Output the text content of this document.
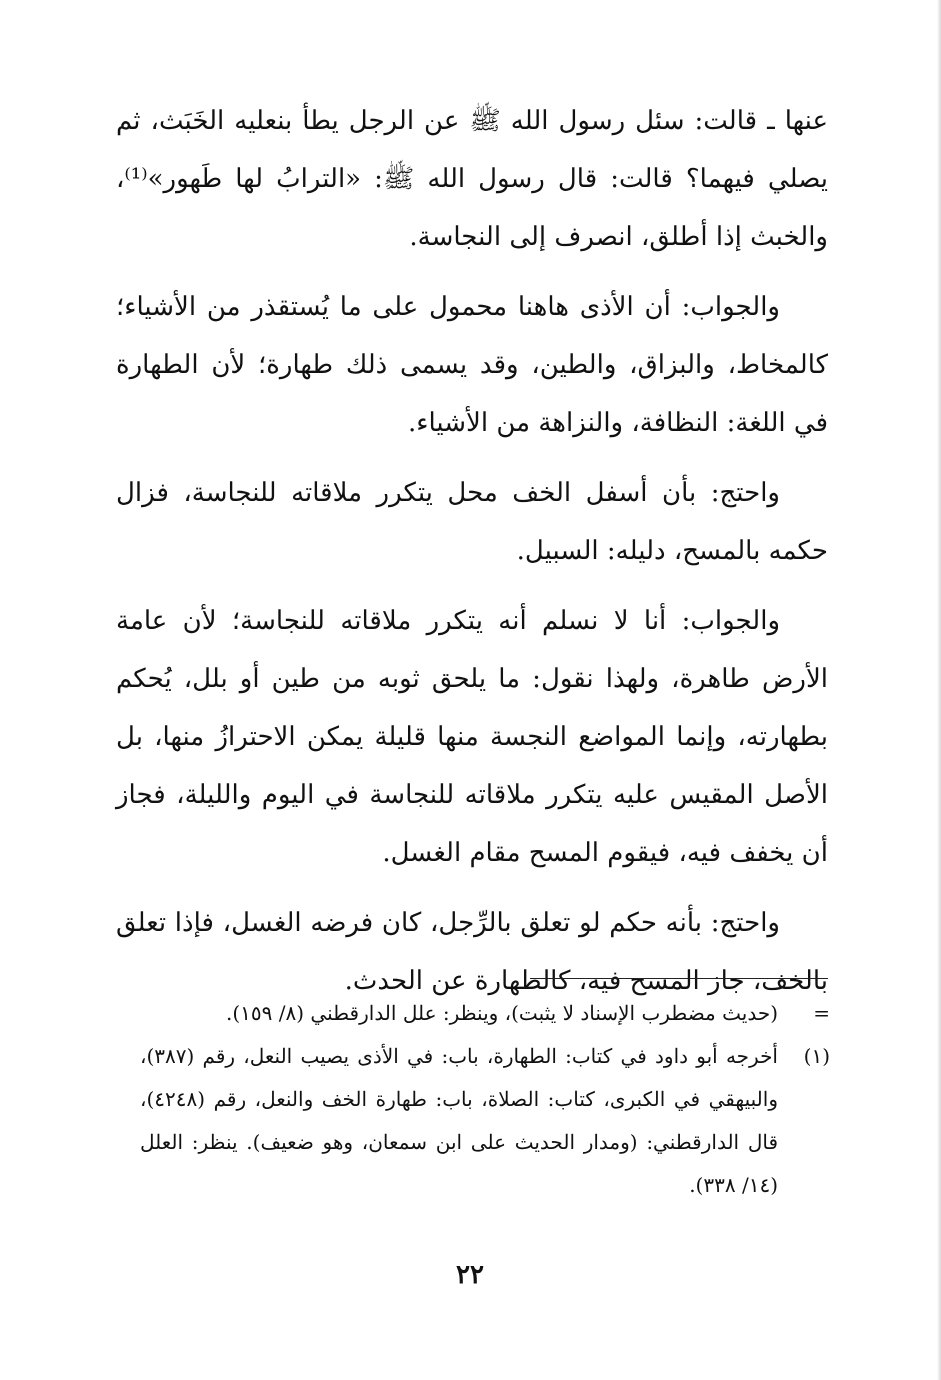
عنها ـ قالت: سئل رسول الله ﷺ عن الرجل يطأ بنعليه الخَبَث، ثم يصلي فيهما؟ قالت: قال رسول الله ﷺ: «الترابُ لها طَهور»⁽¹⁾، والخبث إذا أطلق، انصرف إلى النجاسة.

والجواب: أن الأذى هاهنا محمول على ما يُستقذر من الأشياء؛ كالمخاط، والبزاق، والطين، وقد يسمى ذلك طهارة؛ لأن الطهارة في اللغة: النظافة، والنزاهة من الأشياء.

واحتج: بأن أسفل الخف محل يتكرر ملاقاته للنجاسة، فزال حكمه بالمسح، دليله: السبيل.

والجواب: أنا لا نسلم أنه يتكرر ملاقاته للنجاسة؛ لأن عامة الأرض طاهرة، ولهذا نقول: ما يلحق ثوبه من طين أو بلل، يُحكم بطهارته، وإنما المواضع النجسة منها قليلة يمكن الاحترازُ منها، بل الأصل المقيس عليه يتكرر ملاقاته للنجاسة في اليوم والليلة، فجاز أن يخفف فيه، فيقوم المسح مقام الغسل.

واحتج: بأنه حكم لو تعلق بالرِّجل، كان فرضه الغسل، فإذا تعلق بالخف، جاز المسح فيه، كالطهارة عن الحدث.

=
(حديث مضطرب الإسناد لا يثبت)، وينظر: علل الدارقطني (٨/ ١٥٩).
(١)
أخرجه أبو داود في كتاب: الطهارة، باب: في الأذى يصيب النعل، رقم (٣٨٧)، والبيهقي في الكبرى، كتاب: الصلاة، باب: طهارة الخف والنعل، رقم (٤٢٤٨)، قال الدارقطني: (ومدار الحديث على ابن سمعان، وهو ضعيف). ينظر: العلل (١٤/ ٣٣٨).
٢٢
